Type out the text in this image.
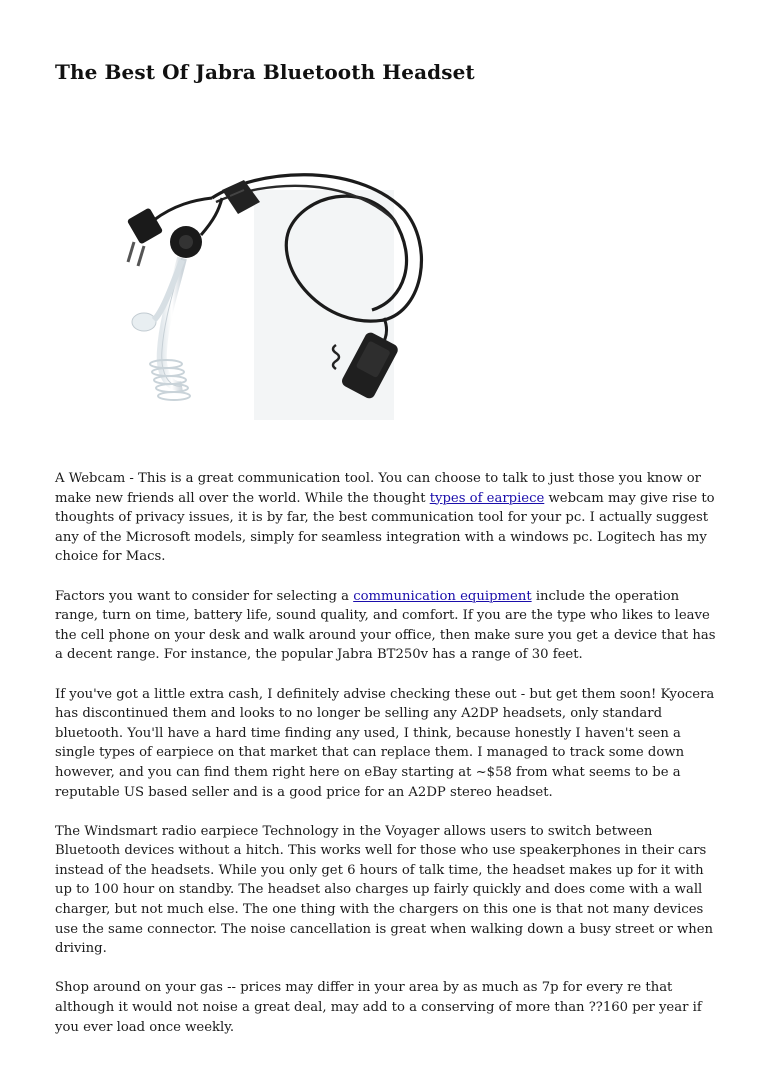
The Best Of Jabra Bluetooth Headset

A Webcam - This is a great communication tool. You can choose to talk to just those you know or make new friends all over the world. While the thought types of earpiece webcam may give rise to thoughts of privacy issues, it is by far, the best communication tool for your pc. I actually suggest any of the Microsoft models, simply for seamless integration with a windows pc. Logitech has my choice for Macs.

Factors you want to consider for selecting a communication equipment include the operation range, turn on time, battery life, sound quality, and comfort. If you are the type who likes to leave the cell phone on your desk and walk around your office, then make sure you get a device that has a decent range. For instance, the popular Jabra BT250v has a range of 30 feet.

If you've got a little extra cash, I definitely advise checking these out - but get them soon! Kyocera has discontinued them and looks to no longer be selling any A2DP headsets, only standard bluetooth. You'll have a hard time finding any used, I think, because honestly I haven't seen a single types of earpiece on that market that can replace them. I managed to track some down however, and you can find them right here on eBay starting at ~$58 from what seems to be a reputable US based seller and is a good price for an A2DP stereo headset.

The Windsmart radio earpiece Technology in the Voyager allows users to switch between Bluetooth devices without a hitch. This works well for those who use speakerphones in their cars instead of the headsets. While you only get 6 hours of talk time, the headset makes up for it with up to 100 hour on standby. The headset also charges up fairly quickly and does come with a wall charger, but not much else. The one thing with the chargers on this one is that not many devices use the same connector. The noise cancellation is great when walking down a busy street or when driving.

Shop around on your gas -- prices may differ in your area by as much as 7p for every re that although it would not noise a great deal, may add to a conserving of more than ??160 per year if you ever load once weekly.
